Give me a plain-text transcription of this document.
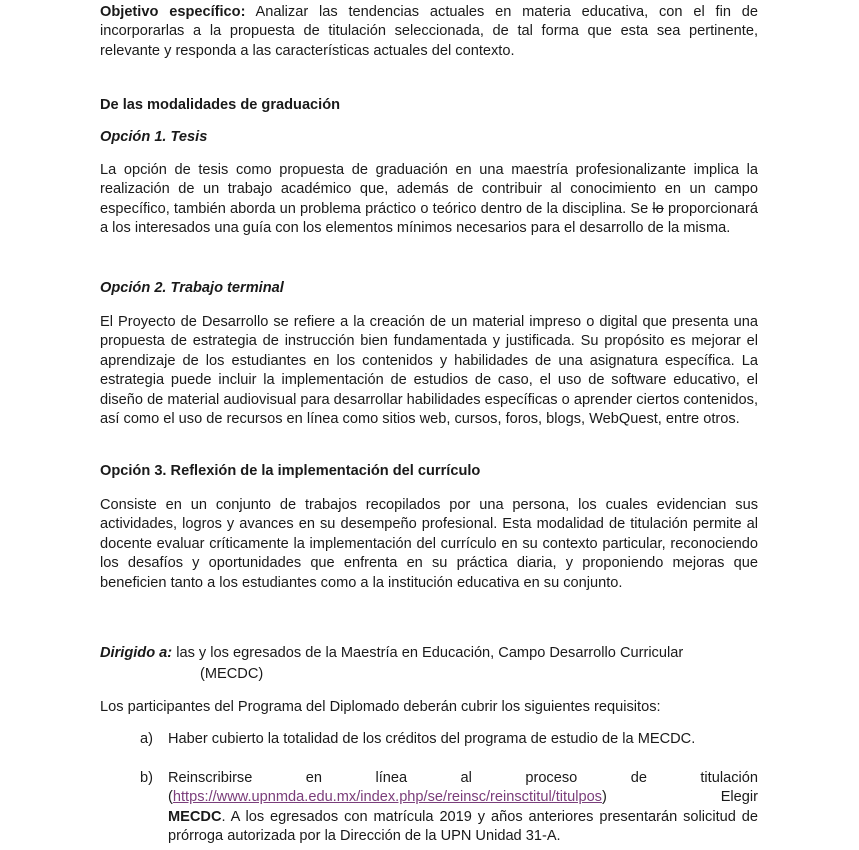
Objetivo específico: Analizar las tendencias actuales en materia educativa, con el fin de incorporarlas a la propuesta de titulación seleccionada, de tal forma que esta sea pertinente, relevante y responda a las características actuales del contexto.
De las modalidades de graduación
Opción 1. Tesis
La opción de tesis como propuesta de graduación en una maestría profesionalizante implica la realización de un trabajo académico que, además de contribuir al conocimiento en un campo específico, también aborda un problema práctico o teórico dentro de la disciplina. Se lo proporcionará a los interesados una guía con los elementos mínimos necesarios para el desarrollo de la misma.
Opción 2. Trabajo terminal
El Proyecto de Desarrollo se refiere a la creación de un material impreso o digital que presenta una propuesta de estrategia de instrucción bien fundamentada y justificada. Su propósito es mejorar el aprendizaje de los estudiantes en los contenidos y habilidades de una asignatura específica. La estrategia puede incluir la implementación de estudios de caso, el uso de software educativo, el diseño de material audiovisual para desarrollar habilidades específicas o aprender ciertos contenidos, así como el uso de recursos en línea como sitios web, cursos, foros, blogs, WebQuest, entre otros.
Opción 3. Reflexión de la implementación del currículo
Consiste en un conjunto de trabajos recopilados por una persona, los cuales evidencian sus actividades, logros y avances en su desempeño profesional. Esta modalidad de titulación permite al docente evaluar críticamente la implementación del currículo en su contexto particular, reconociendo los desafíos y oportunidades que enfrenta en su práctica diaria, y proponiendo mejoras que beneficien tanto a los estudiantes como a la institución educativa en su conjunto.
Dirigido a: las y los egresados de la Maestría en Educación, Campo Desarrollo Curricular
(MECDC)
Los participantes del Programa del Diplomado deberán cubrir los siguientes requisitos:
a) Haber cubierto la totalidad de los créditos del programa de estudio de la MECDC.
b) Reinscribirse	en	línea	al	proceso	de	titulación
(https://www.upnmda.edu.mx/index.php/se/reinsc/reinsctitul/titulpos)	Elegir
MECDC. A los egresados con matrícula 2019 y años anteriores presentarán solicitud de prórroga autorizada por la Dirección de la UPN Unidad 31-A.
